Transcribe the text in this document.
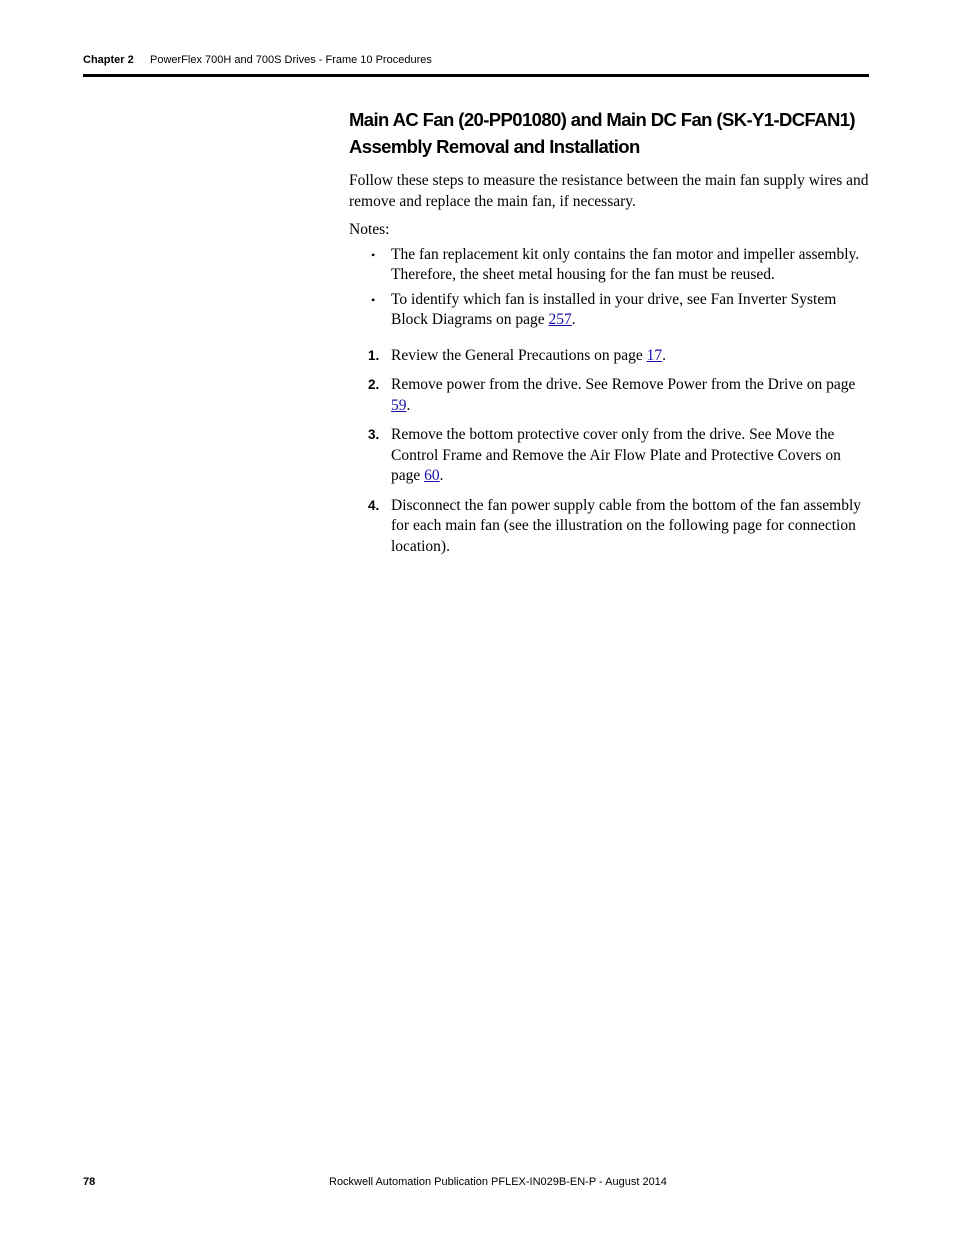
Chapter 2 PowerFlex 700H and 700S Drives - Frame 10 Procedures
Main AC Fan (20-PP01080) and Main DC Fan (SK-Y1-DCFAN1) Assembly Removal and Installation

Follow these steps to measure the resistance between the main fan supply wires and remove and replace the main fan, if necessary.

Notes:

• The fan replacement kit only contains the fan motor and impeller assembly. Therefore, the sheet metal housing for the fan must be reused.
• To identify which fan is installed in your drive, see Fan Inverter System Block Diagrams on page 257.
1. Review the General Precautions on page 17.
2. Remove power from the drive. See Remove Power from the Drive on page 59.
3. Remove the bottom protective cover only from the drive. See Move the Control Frame and Remove the Air Flow Plate and Protective Covers on page 60.
4. Disconnect the fan power supply cable from the bottom of the fan assembly for each main fan (see the illustration on the following page for connection location).
78	Rockwell Automation Publication PFLEX-IN029B-EN-P - August 2014
